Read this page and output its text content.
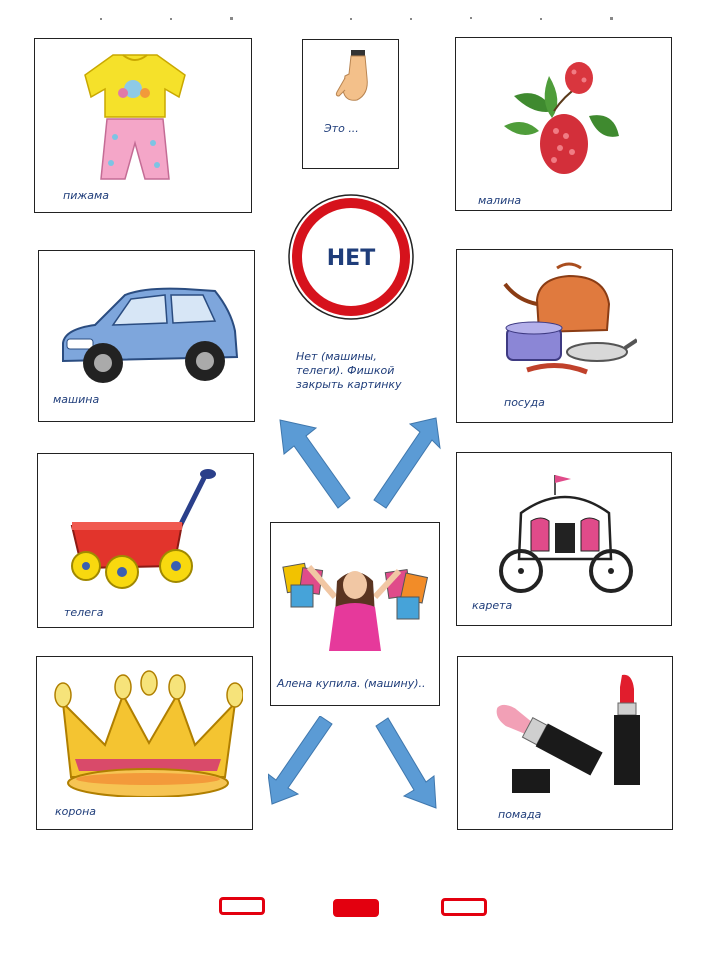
пижама
Это ...
малина
НЕТ
Нет (машины,
телеги). Фишкой
закрыть картинку
машина	посуда
телега
Алена купила. (машину)..
карета
корона	помада
